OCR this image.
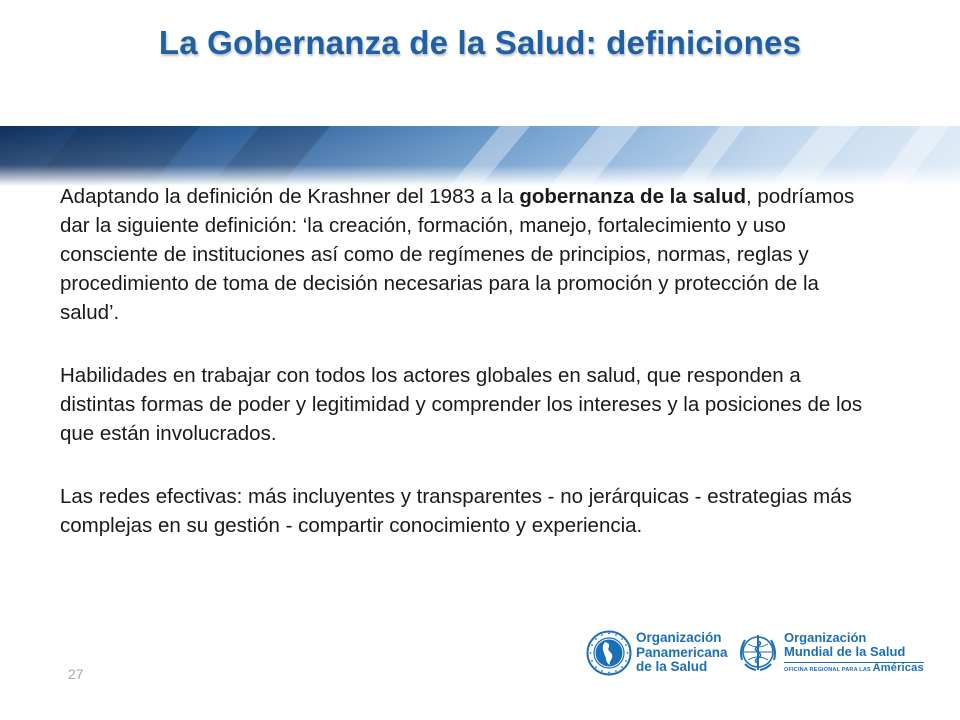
La Gobernanza de la Salud: definiciones

Adaptando la definición de Krashner del 1983 a la gobernanza de la salud, podríamos dar la siguiente definición: ‘la creación, formación, manejo, fortalecimiento y uso consciente de instituciones así como de regímenes de principios, normas, reglas y procedimiento de toma de decisión necesarias para la promoción y protección de la salud’.

Habilidades en trabajar con todos los actores globales en salud, que responden a distintas formas de poder y legitimidad y comprender los intereses y la posiciones de los que están involucrados.

Las redes efectivas: más incluyentes y transparentes - no jerárquicas - estrategias más complejas en su gestión - compartir conocimiento y experiencia.

27
Organización
Panamericana
de la Salud
Organización
Mundial de la Salud
OFICINA REGIONAL PARA LAS Américas
